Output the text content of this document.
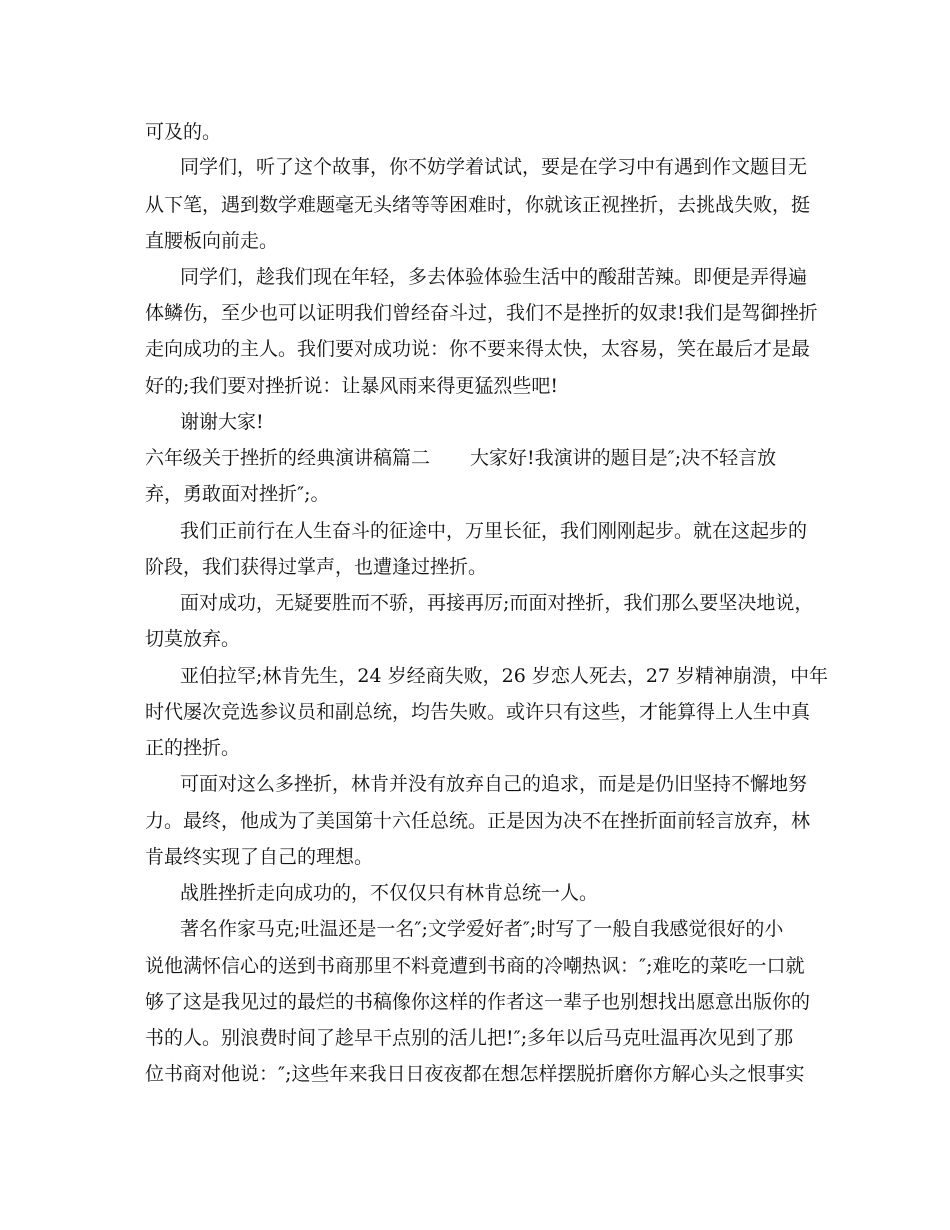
可及的。
同学们，听了这个故事，你不妨学着试试，要是在学习中有遇到作文题目无
从下笔，遇到数学难题毫无头绪等等困难时，你就该正视挫折，去挑战失败，挺
直腰板向前走。
同学们，趁我们现在年轻，多去体验体验生活中的酸甜苦辣。即便是弄得遍
体鳞伤，至少也可以证明我们曾经奋斗过，我们不是挫折的奴隶!我们是驾御挫折
走向成功的主人。我们要对成功说：你不要来得太快，太容易，笑在最后才是最
好的;我们要对挫折说：让暴风雨来得更猛烈些吧!
谢谢大家!
六年级关于挫折的经典演讲稿篇二 大家好!我演讲的题目是″;决不轻言放
弃，勇敢面对挫折″;。
我们正前行在人生奋斗的征途中，万里长征，我们刚刚起步。就在这起步的
阶段，我们获得过掌声，也遭逢过挫折。
面对成功，无疑要胜而不骄，再接再厉;而面对挫折，我们那么要坚决地说，
切莫放弃。
亚伯拉罕;林肯先生，24 岁经商失败，26 岁恋人死去，27 岁精神崩溃，中年
时代屡次竞选参议员和副总统，均告失败。或许只有这些，才能算得上人生中真
正的挫折。
可面对这么多挫折，林肯并没有放弃自己的追求，而是是仍旧坚持不懈地努
力。最终，他成为了美国第十六任总统。正是因为决不在挫折面前轻言放弃，林
肯最终实现了自己的理想。
战胜挫折走向成功的，不仅仅只有林肯总统一人。
著名作家马克;吐温还是一名″;文学爱好者″;时写了一般自我感觉很好的小
说他满怀信心的送到书商那里不料竟遭到书商的冷嘲热讽：″;难吃的菜吃一口就
够了这是我见过的最烂的书稿像你这样的作者这一辈子也别想找出愿意出版你的
书的人。别浪费时间了趁早干点别的活儿把!″;多年以后马克吐温再次见到了那
位书商对他说：″;这些年来我日日夜夜都在想怎样摆脱折磨你方解心头之恨事实
